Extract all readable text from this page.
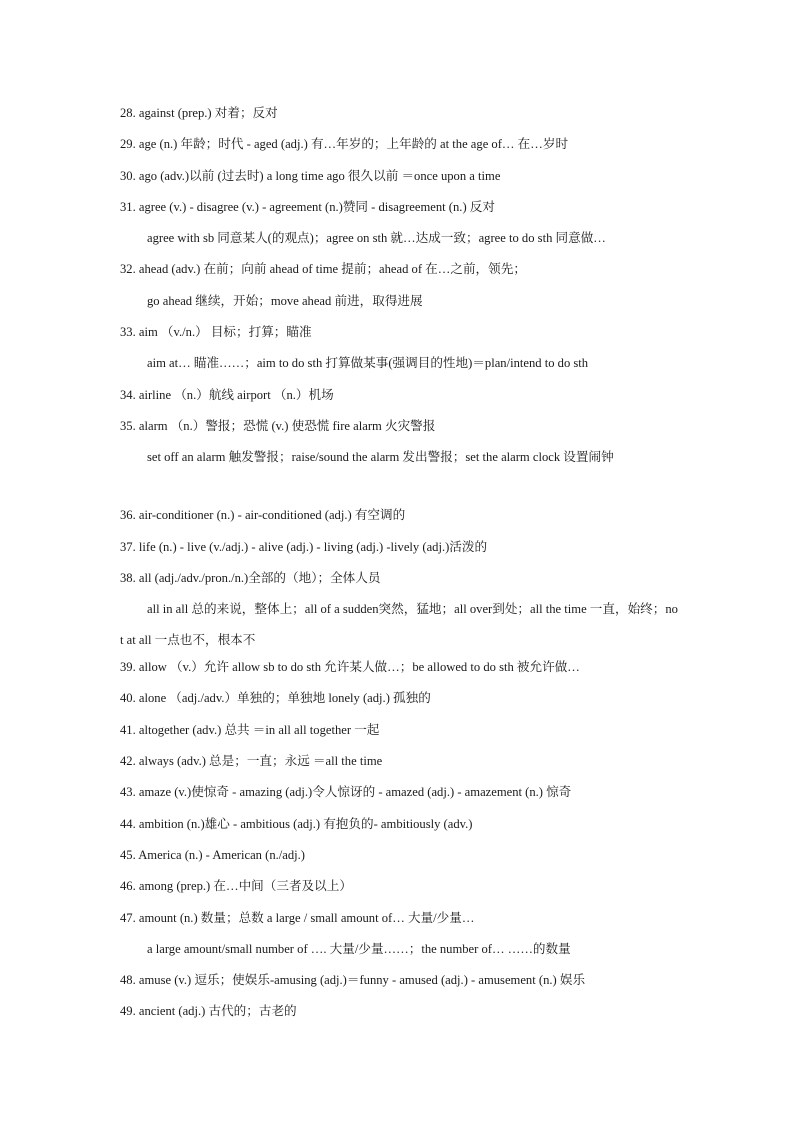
28. against (prep.) 对着；反对
29. age (n.) 年龄；时代 - aged (adj.) 有…年岁的；上年龄的 at the age of… 在…岁时
30. ago (adv.)以前 (过去时) a long time ago 很久以前 ＝once upon a time
31. agree (v.) - disagree (v.) - agreement (n.)赞同 - disagreement (n.) 反对
agree with sb 同意某人(的观点)；agree on sth 就…达成一致；agree to do sth 同意做…
32. ahead (adv.) 在前；向前 ahead of time 提前；ahead of 在…之前，领先；
go ahead 继续，开始；move ahead 前进，取得进展
33. aim （v./n.） 目标；打算；瞄准
aim at… 瞄准……；aim to do sth 打算做某事(强调目的性地)＝plan/intend to do sth
34. airline （n.）航线 airport （n.）机场
35. alarm （n.）警报；恐慌 (v.) 使恐慌 fire alarm 火灾警报
set off an alarm 触发警报；raise/sound the alarm 发出警报；set the alarm clock 设置闹钟
36. air-conditioner (n.) - air-conditioned (adj.) 有空调的
37. life (n.) - live (v./adj.) - alive (adj.) - living (adj.) -lively (adj.)活泼的
38. all (adj./adv./pron./n.)全部的（地）；全体人员
all in all 总的来说，整体上；all of a sudden突然，猛地；all over到处；all the time 一直，始终；not at all 一点也不，根本不
39. allow （v.）允许 allow sb to do sth 允许某人做…；be allowed to do sth 被允许做…
40. alone （adj./adv.）单独的；单独地 lonely (adj.) 孤独的
41. altogether (adv.) 总共 ＝in all all together 一起
42. always (adv.) 总是；一直；永远 ＝all the time
43. amaze (v.)使惊奇 - amazing (adj.)令人惊讶的 - amazed (adj.) - amazement (n.) 惊奇
44. ambition (n.)雄心 - ambitious (adj.) 有抱负的- ambitiously (adv.)
45. America (n.) - American (n./adj.)
46. among (prep.) 在…中间（三者及以上）
47. amount (n.) 数量；总数 a large / small amount of… 大量/少量…
a large amount/small number of …. 大量/少量……；the number of… ……的数量
48. amuse (v.) 逗乐；使娱乐-amusing (adj.)＝funny - amused (adj.) - amusement (n.) 娱乐
49. ancient (adj.) 古代的；古老的
